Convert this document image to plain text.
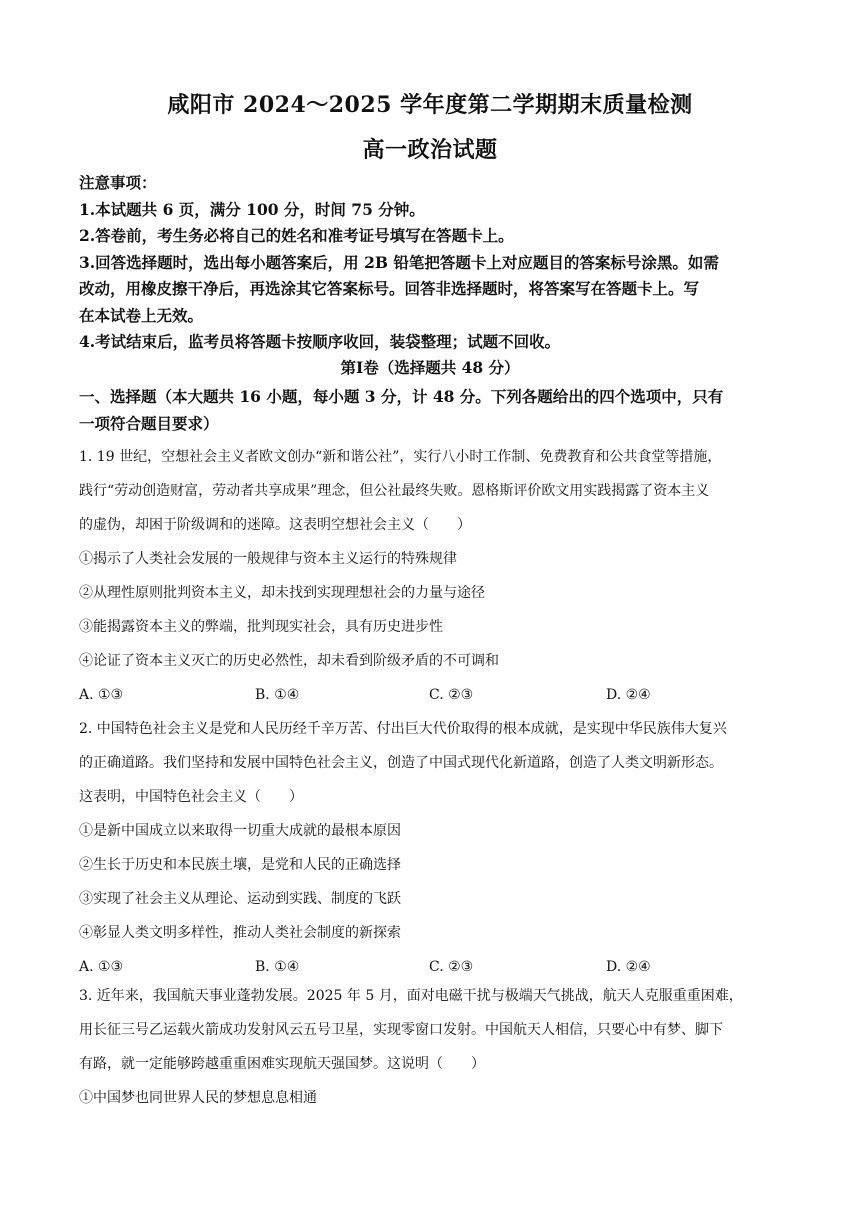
咸阳市 2024～2025 学年度第二学期期末质量检测
高一政治试题
注意事项：
1.本试题共 6 页，满分 100 分，时间 75 分钟。
2.答卷前，考生务必将自己的姓名和准考证号填写在答题卡上。
3.回答选择题时，选出每小题答案后，用 2B 铅笔把答题卡上对应题目的答案标号涂黑。如需
改动，用橡皮擦干净后，再选涂其它答案标号。回答非选择题时，将答案写在答题卡上。写
在本试卷上无效。
4.考试结束后，监考员将答题卡按顺序收回，装袋整理；试题不回收。
第Ⅰ卷（选择题共 48 分）
一、选择题（本大题共 16 小题，每小题 3 分，计 48 分。下列各题给出的四个选项中，只有
一项符合题目要求）
1. 19 世纪，空想社会主义者欧文创办“新和谐公社”，实行八小时工作制、免费教育和公共食堂等措施，
践行“劳动创造财富，劳动者共享成果”理念，但公社最终失败。恩格斯评价欧文用实践揭露了资本主义
的虚伪，却困于阶级调和的迷障。这表明空想社会主义（　　）
①揭示了人类社会发展的一般规律与资本主义运行的特殊规律
②从理性原则批判资本主义，却未找到实现理想社会的力量与途径
③能揭露资本主义的弊端，批判现实社会，具有历史进步性
④论证了资本主义灭亡的历史必然性，却未看到阶级矛盾的不可调和
A. ①③	B. ①④	C. ②③	D. ②④
2. 中国特色社会主义是党和人民历经千辛万苦、付出巨大代价取得的根本成就，是实现中华民族伟大复兴
的正确道路。我们坚持和发展中国特色社会主义，创造了中国式现代化新道路，创造了人类文明新形态。
这表明，中国特色社会主义（　　）
①是新中国成立以来取得一切重大成就的最根本原因
②生长于历史和本民族土壤，是党和人民的正确选择
③实现了社会主义从理论、运动到实践、制度的飞跃
④彰显人类文明多样性，推动人类社会制度的新探索
A. ①③	B. ①④	C. ②③	D. ②④
3. 近年来，我国航天事业蓬勃发展。2025 年 5 月，面对电磁干扰与极端天气挑战，航天人克服重重困难，
用长征三号乙运载火箭成功发射风云五号卫星，实现零窗口发射。中国航天人相信，只要心中有梦、脚下
有路，就一定能够跨越重重困难实现航天强国梦。这说明（　　）
①中国梦也同世界人民的梦想息息相通
